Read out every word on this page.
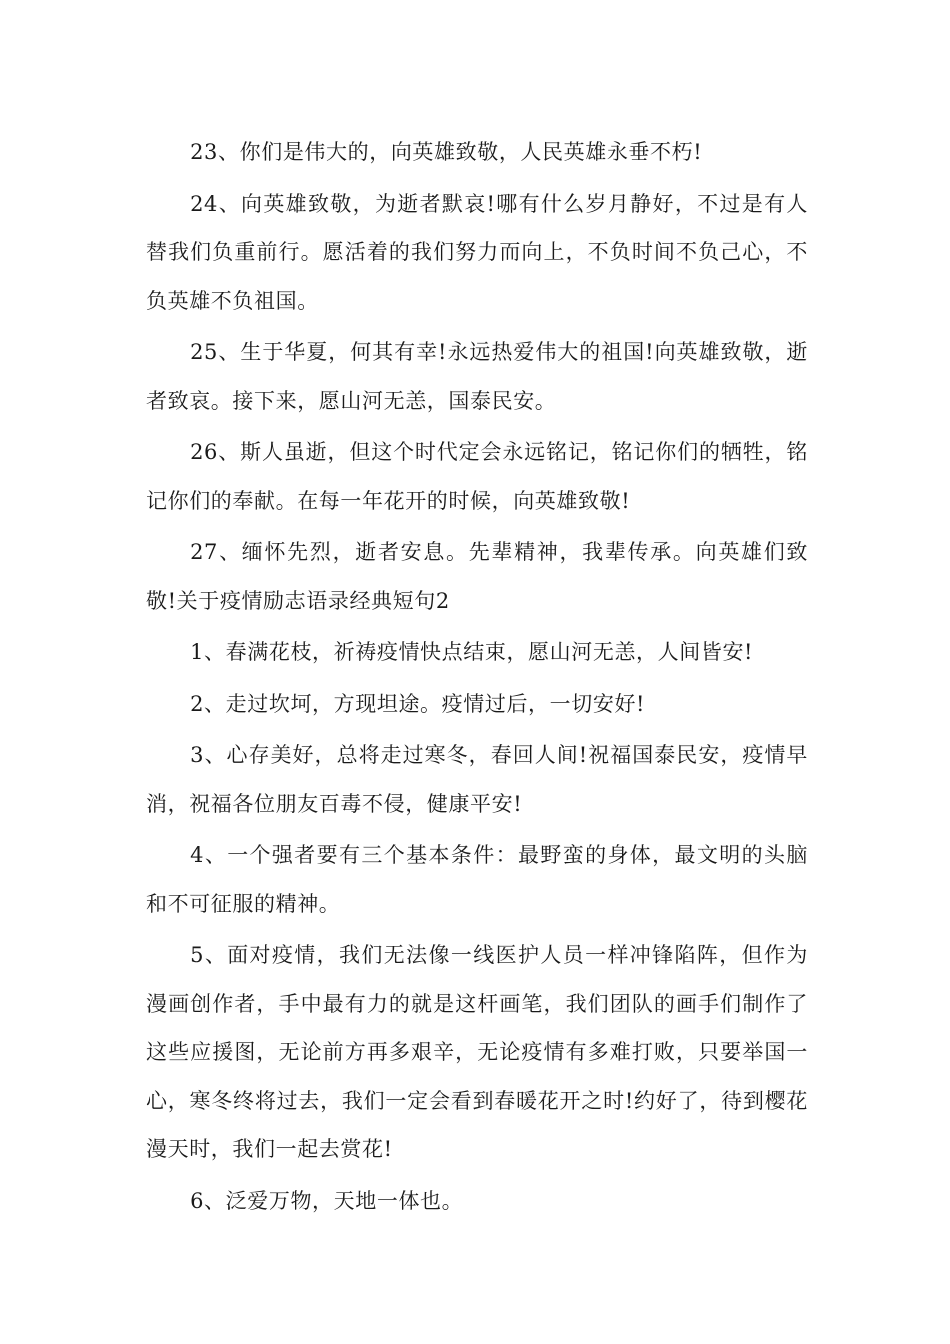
23、你们是伟大的，向英雄致敬，人民英雄永垂不朽!

24、向英雄致敬，为逝者默哀!哪有什么岁月静好，不过是有人替我们负重前行。愿活着的我们努力而向上，不负时间不负己心，不负英雄不负祖国。

25、生于华夏，何其有幸!永远热爱伟大的祖国!向英雄致敬，逝者致哀。接下来，愿山河无恙，国泰民安。

26、斯人虽逝，但这个时代定会永远铭记，铭记你们的牺牲，铭记你们的奉献。在每一年花开的时候，向英雄致敬!

27、缅怀先烈，逝者安息。先辈精神，我辈传承。向英雄们致敬!关于疫情励志语录经典短句2

1、春满花枝，祈祷疫情快点结束，愿山河无恙，人间皆安!

2、走过坎坷，方现坦途。疫情过后，一切安好!

3、心存美好，总将走过寒冬，春回人间!祝福国泰民安，疫情早消，祝福各位朋友百毒不侵，健康平安!

4、一个强者要有三个基本条件：最野蛮的身体，最文明的头脑和不可征服的精神。

5、面对疫情，我们无法像一线医护人员一样冲锋陷阵，但作为漫画创作者，手中最有力的就是这杆画笔，我们团队的画手们制作了这些应援图，无论前方再多艰辛，无论疫情有多难打败，只要举国一心，寒冬终将过去，我们一定会看到春暖花开之时!约好了，待到樱花漫天时，我们一起去赏花!

6、泛爱万物，天地一体也。
